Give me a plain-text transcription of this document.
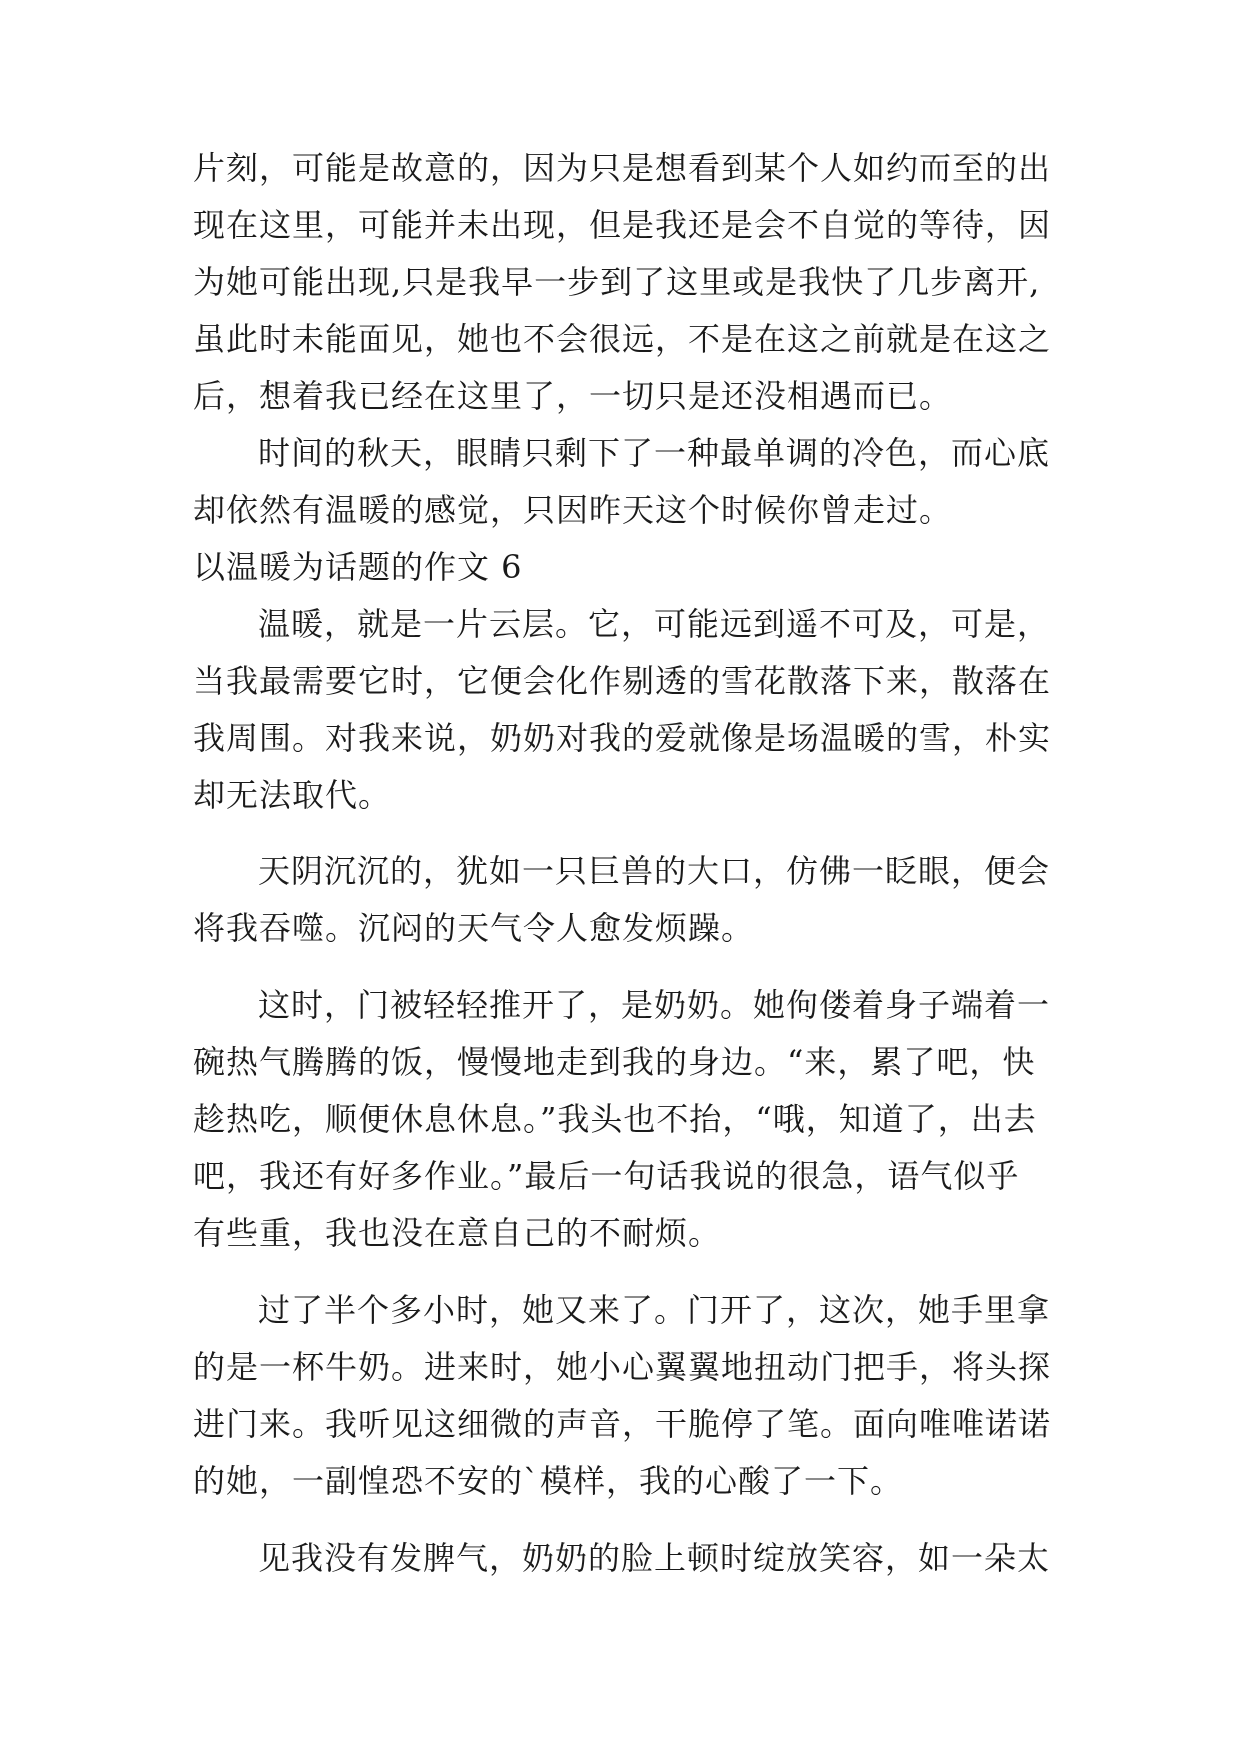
片刻，可能是故意的，因为只是想看到某个人如约而至的出
现在这里，可能并未出现，但是我还是会不自觉的等待，因
为她可能出现,只是我早一步到了这里或是我快了几步离开,
虽此时未能面见，她也不会很远，不是在这之前就是在这之
后，想着我已经在这里了，一切只是还没相遇而已。
时间的秋天，眼睛只剩下了一种最单调的冷色，而心底
却依然有温暖的感觉，只因昨天这个时候你曾走过。
以温暖为话题的作文 6
温暖，就是一片云层。它，可能远到遥不可及，可是，
当我最需要它时，它便会化作剔透的雪花散落下来，散落在
我周围。对我来说，奶奶对我的爱就像是场温暖的雪，朴实
却无法取代。
天阴沉沉的，犹如一只巨兽的大口，仿佛一眨眼，便会
将我吞噬。沉闷的天气令人愈发烦躁。
这时，门被轻轻推开了，是奶奶。她佝偻着身子端着一
碗热气腾腾的饭，慢慢地走到我的身边。“来，累了吧，快
趁热吃，顺便休息休息。”我头也不抬，“哦，知道了，出去
吧，我还有好多作业。”最后一句话我说的很急，语气似乎
有些重，我也没在意自己的不耐烦。
过了半个多小时，她又来了。门开了，这次，她手里拿
的是一杯牛奶。进来时，她小心翼翼地扭动门把手，将头探
进门来。我听见这细微的声音，干脆停了笔。面向唯唯诺诺
的她，一副惶恐不安的`模样，我的心酸了一下。
见我没有发脾气，奶奶的脸上顿时绽放笑容，如一朵太
